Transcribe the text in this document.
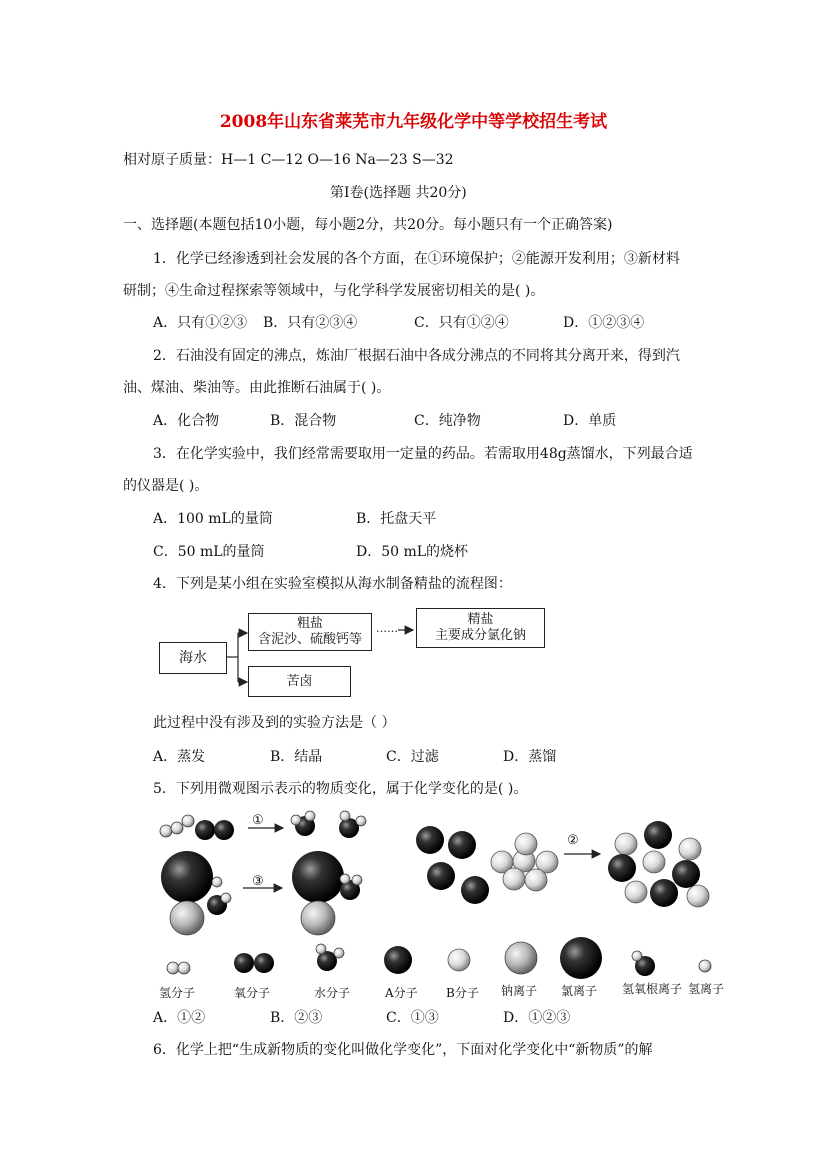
2008年山东省莱芜市九年级化学中等学校招生考试
相对原子质量：H—1 C—12 O—16 Na—23 S—32
第Ⅰ卷(选择题 共20分)
一、选择题(本题包括10小题，每小题2分，共20分。每小题只有一个正确答案)
1．化学已经渗透到社会发展的各个方面，在①环境保护；②能源开发利用；③新材料
研制；④生命过程探索等领域中，与化学科学发展密切相关的是( )。
A．只有①②③ B．只有②③④	C．只有①②④	D．①②③④
2．石油没有固定的沸点，炼油厂根据石油中各成分沸点的不同将其分离开来，得到汽
油、煤油、柴油等。由此推断石油属于( )。
A．化合物	B．混合物	C．纯净物	D．单质
3．在化学实验中，我们经常需要取用一定量的药品。若需取用48g蒸馏水，下列最合适
的仪器是( )。
A．100 mL的量筒	B．托盘天平
C．50 mL的量筒	D．50 mL的烧杯
4．下列是某小组在实验室模拟从海水制备精盐的流程图：
海水
粗盐
含泥沙、硫酸钙等
……
精盐
主要成分氯化钠
苦卤
此过程中没有涉及到的实验方法是（ ）
A．蒸发	B．结晶	C．过滤	D．蒸馏
5．下列用微观图示表示的物质变化，属于化学变化的是( )。
①
②
③
氢分子	氧分子	水分子	A分子 B分子 钠离子 氯离子 氢氧根离子 氢离子
A．①②	B．②③	C．①③	D．①②③
6．化学上把“生成新物质的变化叫做化学变化”，下面对化学变化中“新物质”的解
